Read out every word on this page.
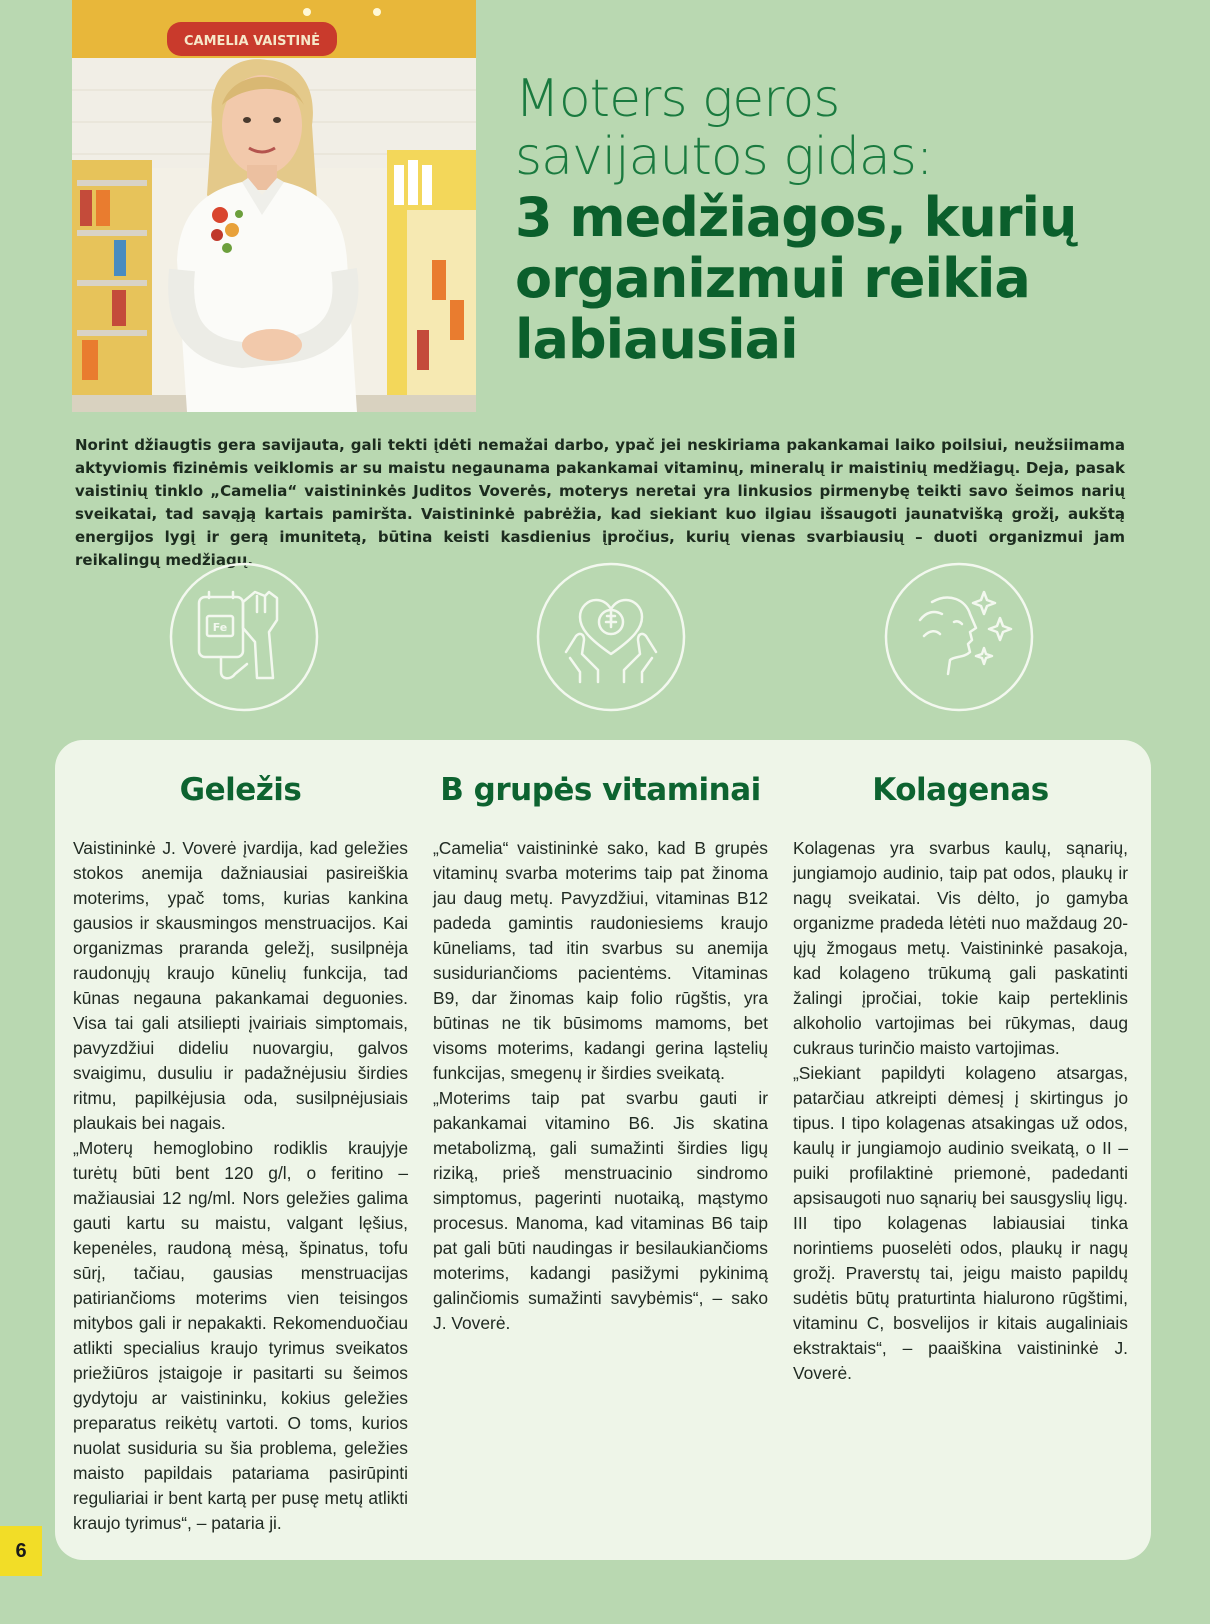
CAMELIA VAISTINĖ
Moters geros
savijautos gidas:
3 medžiagos, kurių
organizmui reikia
labiausiai

Norint džiaugtis gera savijauta, gali tekti įdėti nemažai darbo, ypač jei neskiriama pakankamai laiko poilsiui, neužsiimama aktyviomis fizinėmis veiklomis ar su maistu negaunama pakankamai vitaminų, mineralų ir maistinių medžiagų. Deja, pasak vaistinių tinklo „Camelia“ vaistininkės Juditos Voverės, moterys neretai yra linkusios pirmenybę teikti savo šeimos narių sveikatai, tad savąją kartais pamiršta. Vaistininkė pabrėžia, kad siekiant kuo ilgiau išsaugoti jaunatvišką grožį, aukštą energijos lygį ir gerą imunitetą, būtina keisti kasdienius įpročius, kurių vienas svarbiausių – duoti organizmui jam reikalingų medžiagų.

Fe
Geležis

Vaistininkė J. Voverė įvardija, kad geležies stokos anemija dažniausiai pasireiškia moterims, ypač toms, kurias kankina gausios ir skausmingos menstruacijos. Kai organizmas praranda geležį, susilpnėja raudonųjų kraujo kūnelių funkcija, tad kūnas negauna pakankamai deguonies. Visa tai gali atsiliepti įvairiais simptomais, pavyzdžiui dideliu nuovargiu, galvos svaigimu, dusuliu ir padažnėjusiu širdies ritmu, papilkėjusia oda, susilpnėjusiais plaukais bei nagais.

„Moterų hemoglobino rodiklis kraujyje turėtų būti bent 120 g/l, o feritino – mažiausiai 12 ng/ml. Nors geležies galima gauti kartu su maistu, valgant lęšius, kepenėles, raudoną mėsą, špinatus, tofu sūrį, tačiau, gausias menstruacijas patiriančioms moterims vien teisingos mitybos gali ir nepakakti. Rekomenduočiau atlikti specialius kraujo tyrimus sveikatos priežiūros įstaigoje ir pasitarti su šeimos gydytoju ar vaistininku, kokius geležies preparatus reikėtų vartoti. O toms, kurios nuolat susiduria su šia problema, geležies maisto papildais patariama pasirūpinti reguliariai ir bent kartą per pusę metų atlikti kraujo tyrimus“, – pataria ji.

B grupės vitaminai

„Camelia“ vaistininkė sako, kad B grupės vitaminų svarba moterims taip pat žinoma jau daug metų. Pavyzdžiui, vitaminas B12 padeda gamintis raudoniesiems kraujo kūneliams, tad itin svarbus su anemija susiduriančioms pacientėms. Vitaminas B9, dar žinomas kaip folio rūgštis, yra būtinas ne tik būsimoms mamoms, bet visoms moterims, kadangi gerina ląstelių funkcijas, smegenų ir širdies sveikatą.

„Moterims taip pat svarbu gauti ir pakankamai vitamino B6. Jis skatina metabolizmą, gali sumažinti širdies ligų riziką, prieš menstruacinio sindromo simptomus, pagerinti nuotaiką, mąstymo procesus. Manoma, kad vitaminas B6 taip pat gali būti naudingas ir besilaukiančioms moterims, kadangi pasižymi pykinimą galinčiomis sumažinti savybėmis“, – sako J. Voverė.

Kolagenas

Kolagenas yra svarbus kaulų, sąnarių, jungiamojo audinio, taip pat odos, plaukų ir nagų sveikatai. Vis dėlto, jo gamyba organizme pradeda lėtėti nuo maždaug 20-ųjų žmogaus metų. Vaistininkė pasakoja, kad kolageno trūkumą gali paskatinti žalingi įpročiai, tokie kaip perteklinis alkoholio vartojimas bei rūkymas, daug cukraus turinčio maisto vartojimas.

„Siekiant papildyti kolageno atsargas, patarčiau atkreipti dėmesį į skirtingus jo tipus. I tipo kolagenas atsakingas už odos, kaulų ir jungiamojo audinio sveikatą, o II – puiki profilaktinė priemonė, padedanti apsisaugoti nuo sąnarių bei sausgyslių ligų. III tipo kolagenas labiausiai tinka norintiems puoselėti odos, plaukų ir nagų grožį. Praverstų tai, jeigu maisto papildų sudėtis būtų praturtinta hialurono rūgštimi, vitaminu C, bosvelijos ir kitais augaliniais ekstraktais“, – paaiškina vaistininkė J. Voverė.

6
